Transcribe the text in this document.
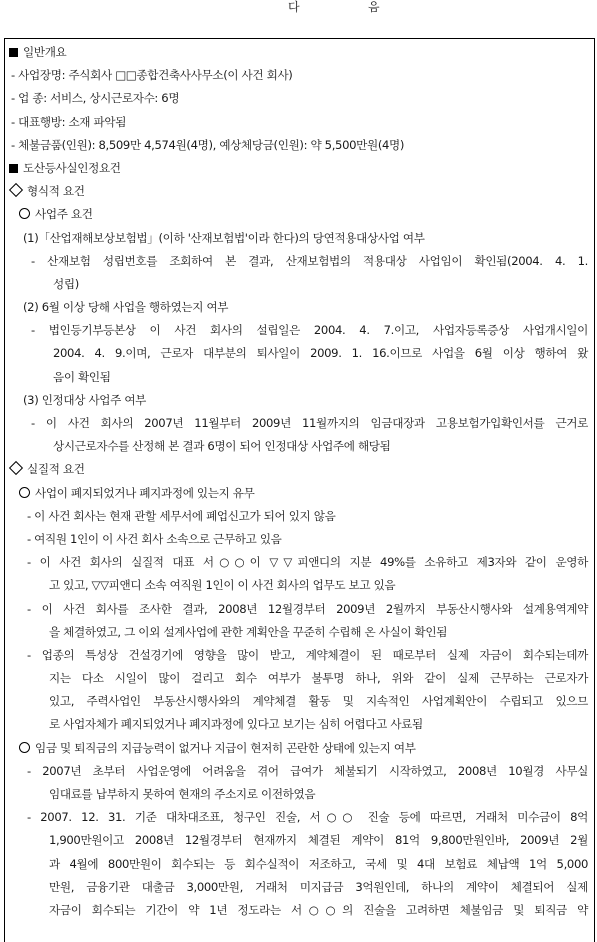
다	음
일반개요
- 사업장명: 주식회사 □□종합건축사사무소(이 사건 회사)
- 업 종: 서비스, 상시근로자수: 6명
- 대표행방: 소재 파악됨
- 체불금품(인원): 8,509만 4,574원(4명), 예상체당금(인원): 약 5,500만원(4명)
도산등사실인정요건
형식적 요건
사업주 요건
(1)「산업재해보상보험법」(이하 '산재보험법'이라 한다)의 당연적용대상사업 여부
- 산재보험 성립번호를 조회하여 본 결과, 산재보험법의 적용대상 사업임이 확인됨(2004. 4. 1.
성립)
(2) 6월 이상 당해 사업을 행하였는지 여부
- 법인등기부등본상 이 사건 회사의 설립일은 2004. 4. 7.이고, 사업자등록증상 사업개시일이
2004. 4. 9.이며, 근로자 대부분의 퇴사일이 2009. 1. 16.이므로 사업을 6월 이상 행하여 왔
음이 확인됨
(3) 인정대상 사업주 여부
- 이 사건 회사의 2007년 11월부터 2009년 11월까지의 임금대장과 고용보험가입확인서를 근거로
상시근로자수를 산정해 본 결과 6명이 되어 인정대상 사업주에 해당됨
실질적 요건
사업이 폐지되었거나 폐지과정에 있는지 유무
- 이 사건 회사는 현재 관할 세무서에 폐업신고가 되어 있지 않음
- 여직원 1인이 이 사건 회사 소속으로 근무하고 있음
- 이 사건 회사의 실질적 대표 서○○이 ▽▽피앤디의 지분 49%를 소유하고 제3자와 같이 운영하
고 있고, ▽▽피앤디 소속 여직원 1인이 이 사건 회사의 업무도 보고 있음
- 이 사건 회사를 조사한 결과, 2008년 12월경부터 2009년 2월까지 부동산시행사와 설계용역계약
을 체결하였고, 그 이외 설계사업에 관한 계획안을 꾸준히 수립해 온 사실이 확인됨
- 업종의 특성상 건설경기에 영향을 많이 받고, 계약체결이 된 때로부터 실제 자금이 회수되는데까
지는 다소 시일이 많이 걸리고 회수 여부가 불투명 하나, 위와 같이 실제 근무하는 근로자가
있고, 주력사업인 부동산시행사와의 계약체결 활동 및 지속적인 사업계획안이 수립되고 있으므
로 사업자체가 폐지되었거나 폐지과정에 있다고 보기는 심히 어렵다고 사료됨
임금 및 퇴직금의 지급능력이 없거나 지급이 현저히 곤란한 상태에 있는지 여부
- 2007년 초부터 사업운영에 어려움을 겪어 급여가 체불되기 시작하였고, 2008년 10월경 사무실
임대료를 납부하지 못하여 현재의 주소지로 이전하였음
- 2007. 12. 31. 기준 대차대조표, 청구인 진술, 서○○ 진술 등에 따르면, 거래처 미수금이 8억
1,900만원이고 2008년 12월경부터 현재까지 체결된 계약이 81억 9,800만원인바, 2009년 2월
과 4월에 800만원이 회수되는 등 회수실적이 저조하고, 국세 및 4대 보험료 체납액 1억 5,000
만원, 금융기관 대출금 3,000만원, 거래처 미지급금 3억원인데, 하나의 계약이 체결되어 실제
자금이 회수되는 기간이 약 1년 정도라는 서○○의 진술을 고려하면 체불임금 및 퇴직금 약
